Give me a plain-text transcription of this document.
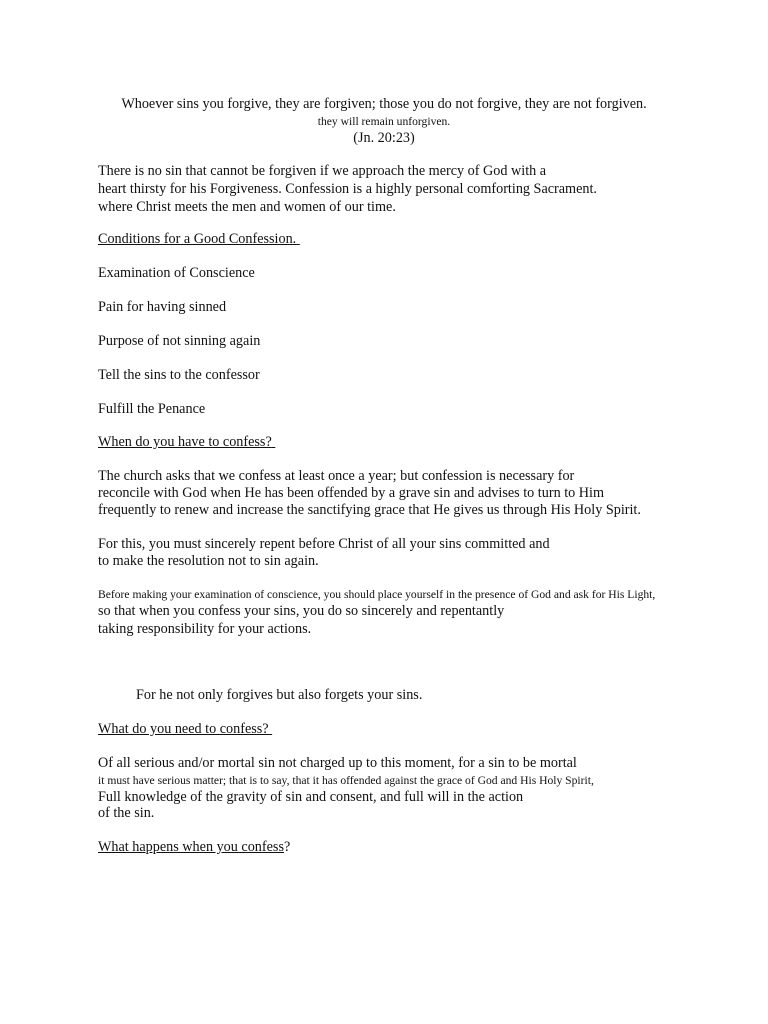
Whoever sins you forgive, they are forgiven; those you do not forgive, they are not forgiven.
they will remain unforgiven.
(Jn. 20:23)
There is no sin that cannot be forgiven if we approach the mercy of God with a
heart thirsty for his Forgiveness. Confession is a highly personal comforting Sacrament.
where Christ meets the men and women of our time.
Conditions for a Good Confession.
Examination of Conscience
Pain for having sinned
Purpose of not sinning again
Tell the sins to the confessor
Fulfill the Penance
When do you have to confess?
The church asks that we confess at least once a year; but confession is necessary for
reconcile with God when He has been offended by a grave sin and advises to turn to Him
frequently to renew and increase the sanctifying grace that He gives us through His Holy Spirit.
For this, you must sincerely repent before Christ of all your sins committed and
to make the resolution not to sin again.
Before making your examination of conscience, you should place yourself in the presence of God and ask for His Light,
so that when you confess your sins, you do so sincerely and repentantly
taking responsibility for your actions.
For he not only forgives but also forgets your sins.
What do you need to confess?
Of all serious and/or mortal sin not charged up to this moment, for a sin to be mortal
it must have serious matter; that is to say, that it has offended against the grace of God and His Holy Spirit,
Full knowledge of the gravity of sin and consent, and full will in the action
of the sin.
What happens when you confess?
